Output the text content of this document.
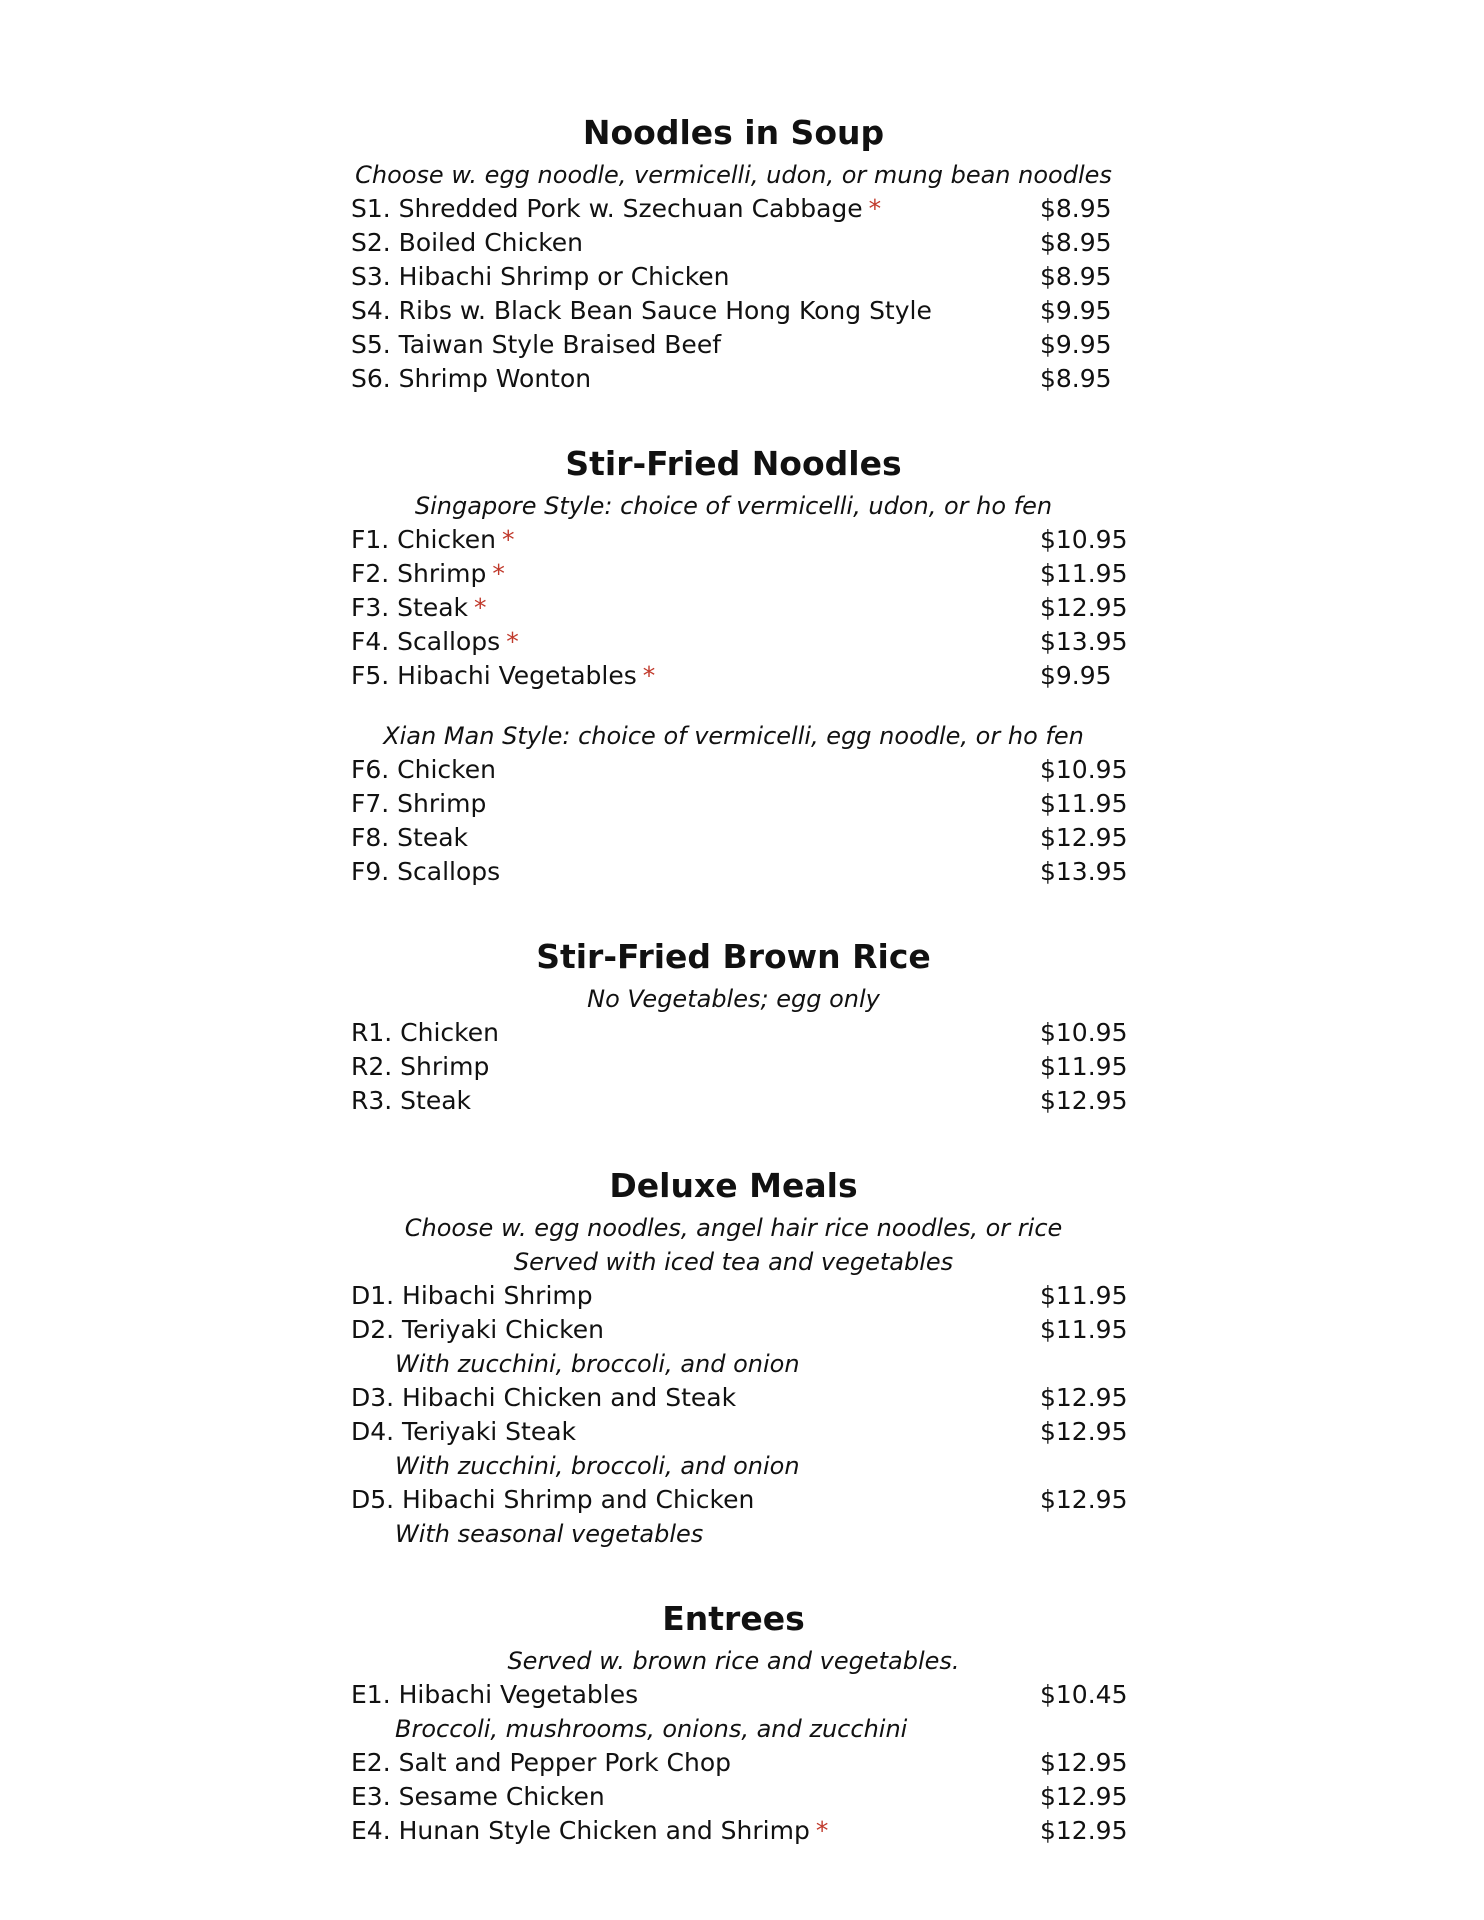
Noodles in Soup
Choose w. egg noodle, vermicelli, udon, or mung bean noodles
S1. Shredded Pork w. Szechuan Cabbage *	$8.95
S2. Boiled Chicken	$8.95
S3. Hibachi Shrimp or Chicken	$8.95
S4. Ribs w. Black Bean Sauce Hong Kong Style	$9.95
S5. Taiwan Style Braised Beef	$9.95
S6. Shrimp Wonton	$8.95
Stir-Fried Noodles
Singapore Style: choice of vermicelli, udon, or ho fen
F1. Chicken *	$10.95
F2. Shrimp *	$11.95
F3. Steak *	$12.95
F4. Scallops *	$13.95
F5. Hibachi Vegetables *	$9.95
Xian Man Style: choice of vermicelli, egg noodle, or ho fen
F6. Chicken	$10.95
F7. Shrimp	$11.95
F8. Steak	$12.95
F9. Scallops	$13.95
Stir-Fried Brown Rice
No Vegetables; egg only
R1. Chicken	$10.95
R2. Shrimp	$11.95
R3. Steak	$12.95
Deluxe Meals
Choose w. egg noodles, angel hair rice noodles, or rice
Served with iced tea and vegetables
D1. Hibachi Shrimp	$11.95
D2. Teriyaki Chicken	$11.95
With zucchini, broccoli, and onion
D3. Hibachi Chicken and Steak	$12.95
D4. Teriyaki Steak	$12.95
With zucchini, broccoli, and onion
D5. Hibachi Shrimp and Chicken	$12.95
With seasonal vegetables
Entrees
Served w. brown rice and vegetables.
E1. Hibachi Vegetables	$10.45
Broccoli, mushrooms, onions, and zucchini
E2. Salt and Pepper Pork Chop	$12.95
E3. Sesame Chicken	$12.95
E4. Hunan Style Chicken and Shrimp *	$12.95
